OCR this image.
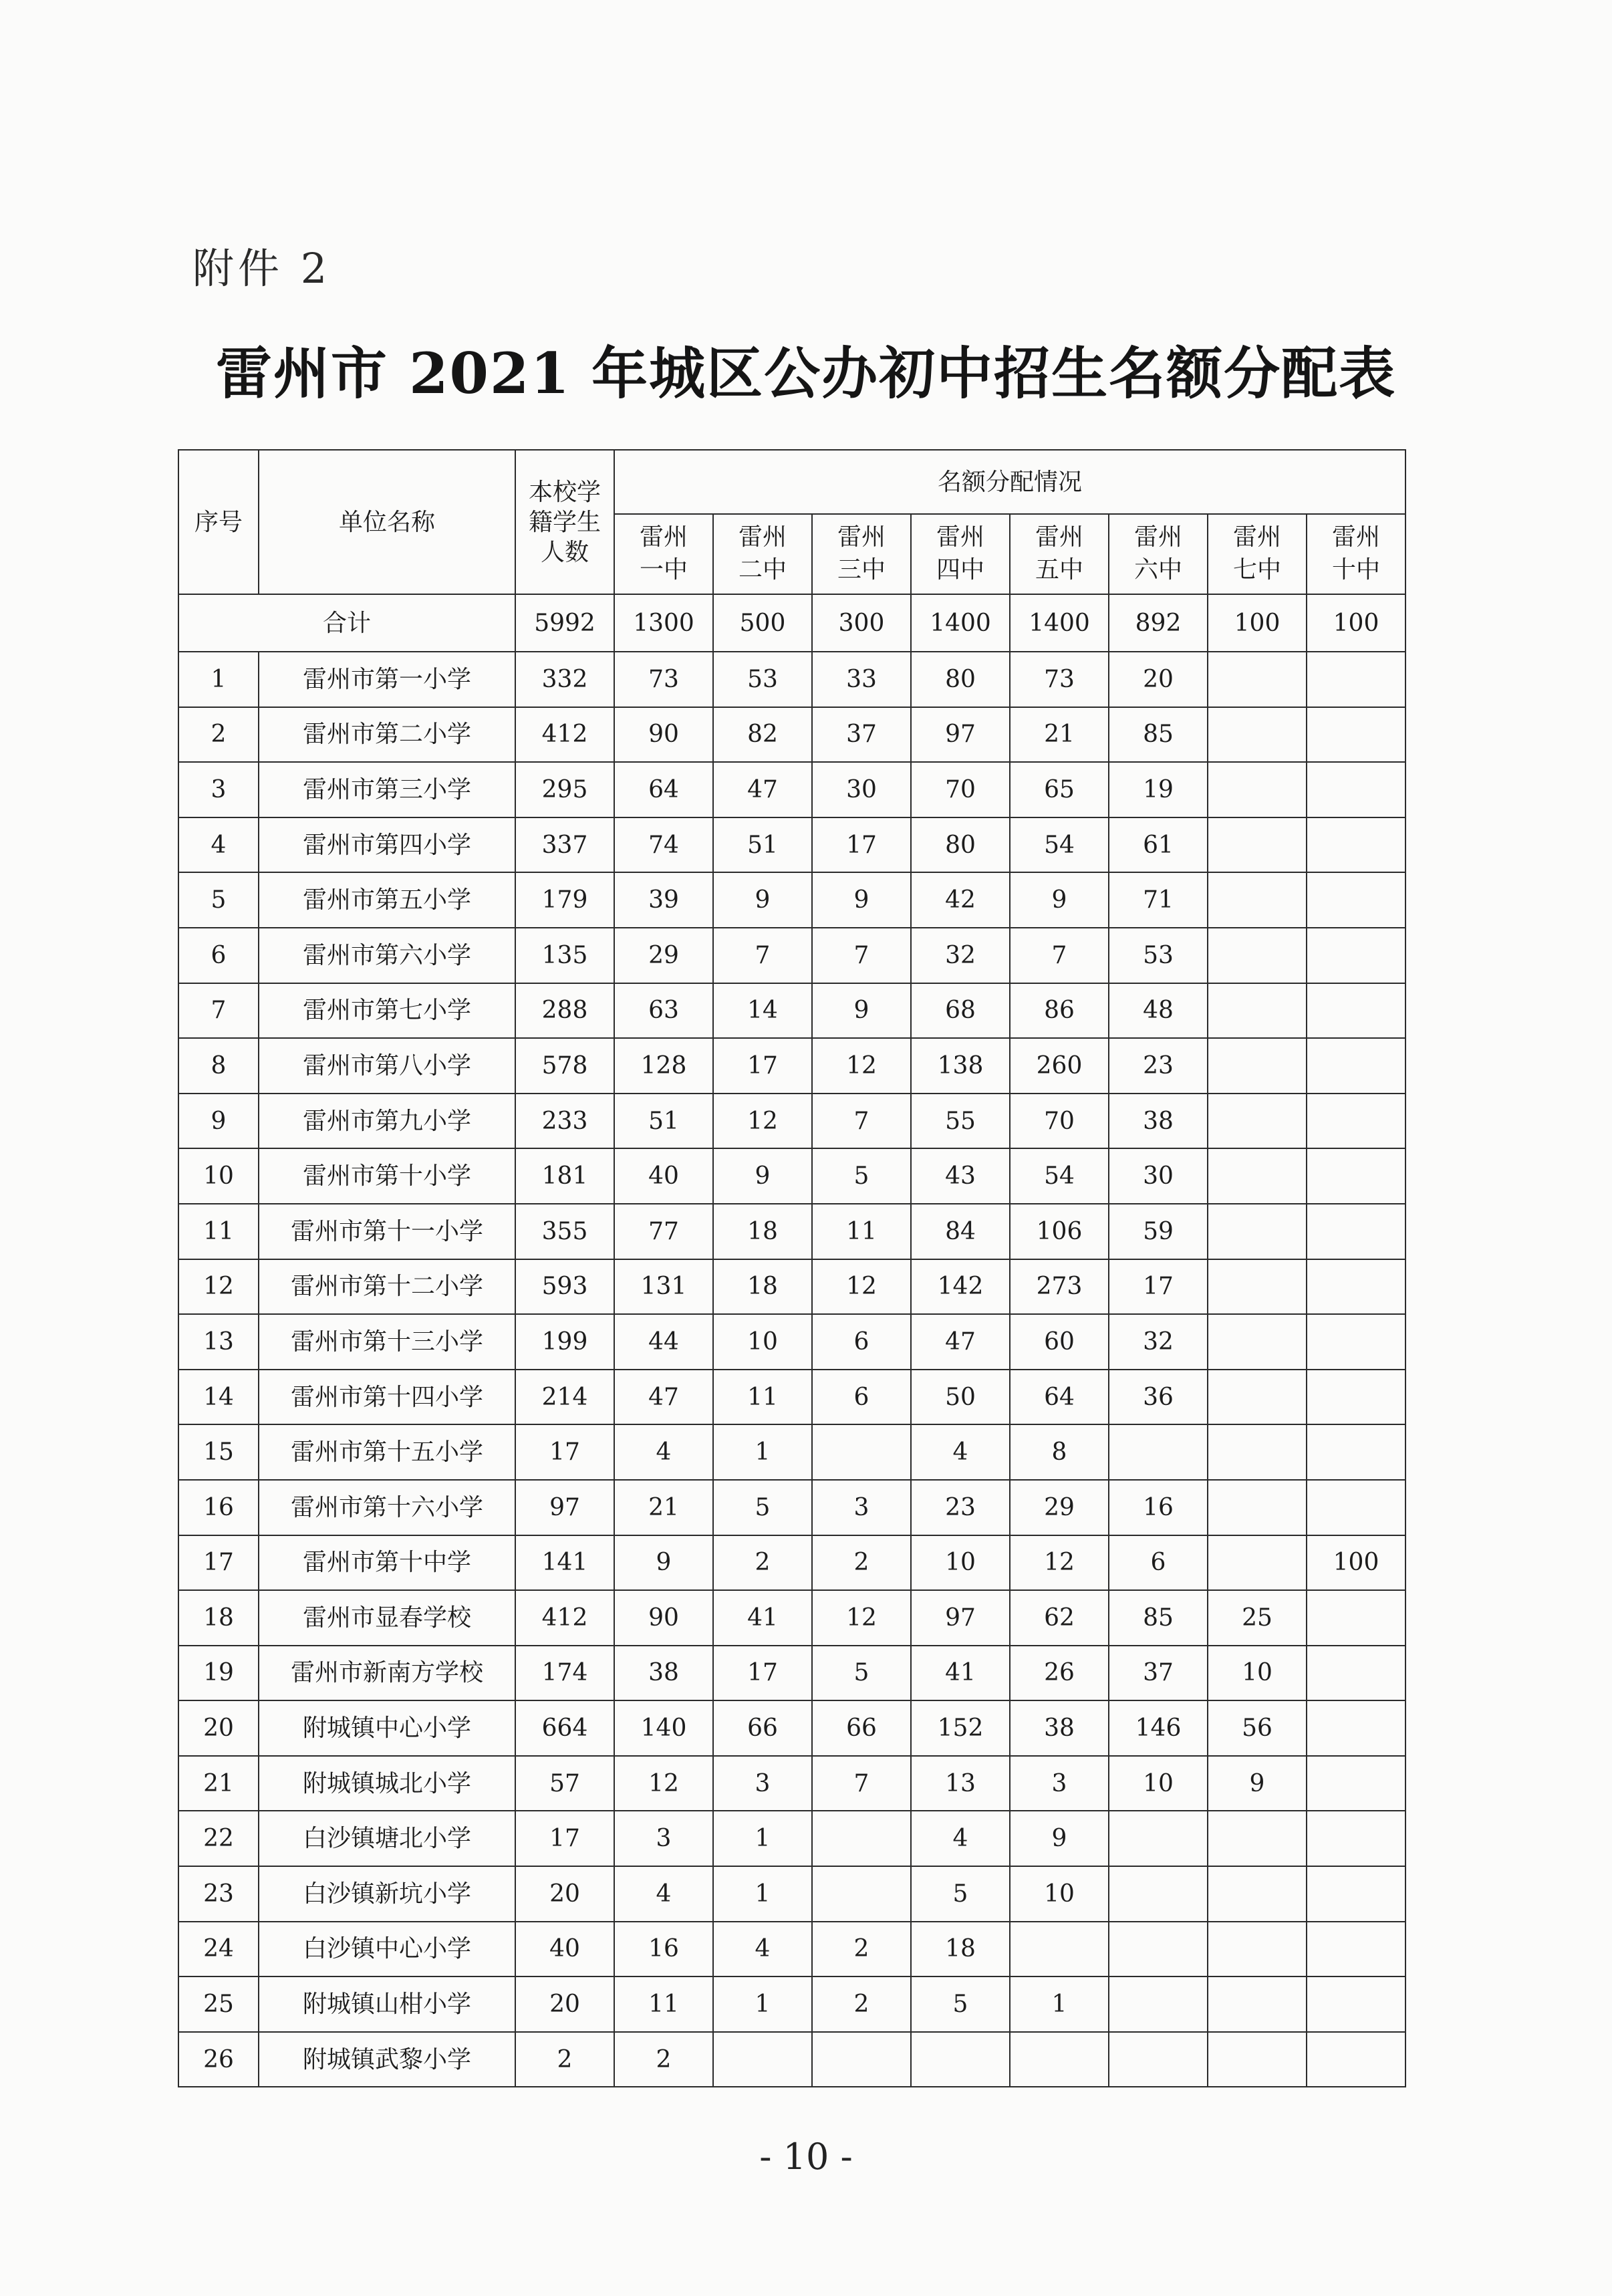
附件 2
雷州市 2021 年城区公办初中招生名额分配表
序号	单位名称	本校学籍学生人数	名额分配情况							
			雷州一中	雷州二中	雷州三中	雷州四中	雷州五中	雷州六中	雷州七中	雷州十中
合计		5992	1300	500	300	1400	1400	892	100	100
1	雷州市第一小学	332	73	53	33	80	73	20		
2	雷州市第二小学	412	90	82	37	97	21	85		
3	雷州市第三小学	295	64	47	30	70	65	19		
4	雷州市第四小学	337	74	51	17	80	54	61		
5	雷州市第五小学	179	39	9	9	42	9	71		
6	雷州市第六小学	135	29	7	7	32	7	53		
7	雷州市第七小学	288	63	14	9	68	86	48		
8	雷州市第八小学	578	128	17	12	138	260	23		
9	雷州市第九小学	233	51	12	7	55	70	38		
10	雷州市第十小学	181	40	9	5	43	54	30		
11	雷州市第十一小学	355	77	18	11	84	106	59		
12	雷州市第十二小学	593	131	18	12	142	273	17		
13	雷州市第十三小学	199	44	10	6	47	60	32		
14	雷州市第十四小学	214	47	11	6	50	64	36		
15	雷州市第十五小学	17	4	1		4	8			
16	雷州市第十六小学	97	21	5	3	23	29	16		
17	雷州市第十中学	141	9	2	2	10	12	6		100
18	雷州市显春学校	412	90	41	12	97	62	85	25	
19	雷州市新南方学校	174	38	17	5	41	26	37	10	
20	附城镇中心小学	664	140	66	66	152	38	146	56	
21	附城镇城北小学	57	12	3	7	13	3	10	9	
22	白沙镇塘北小学	17	3	1		4	9			
23	白沙镇新坑小学	20	4	1		5	10			
24	白沙镇中心小学	40	16	4	2	18				
25	附城镇山柑小学	20	11	1	2	5	1			
26	附城镇武黎小学	2	2							
- 10 -
